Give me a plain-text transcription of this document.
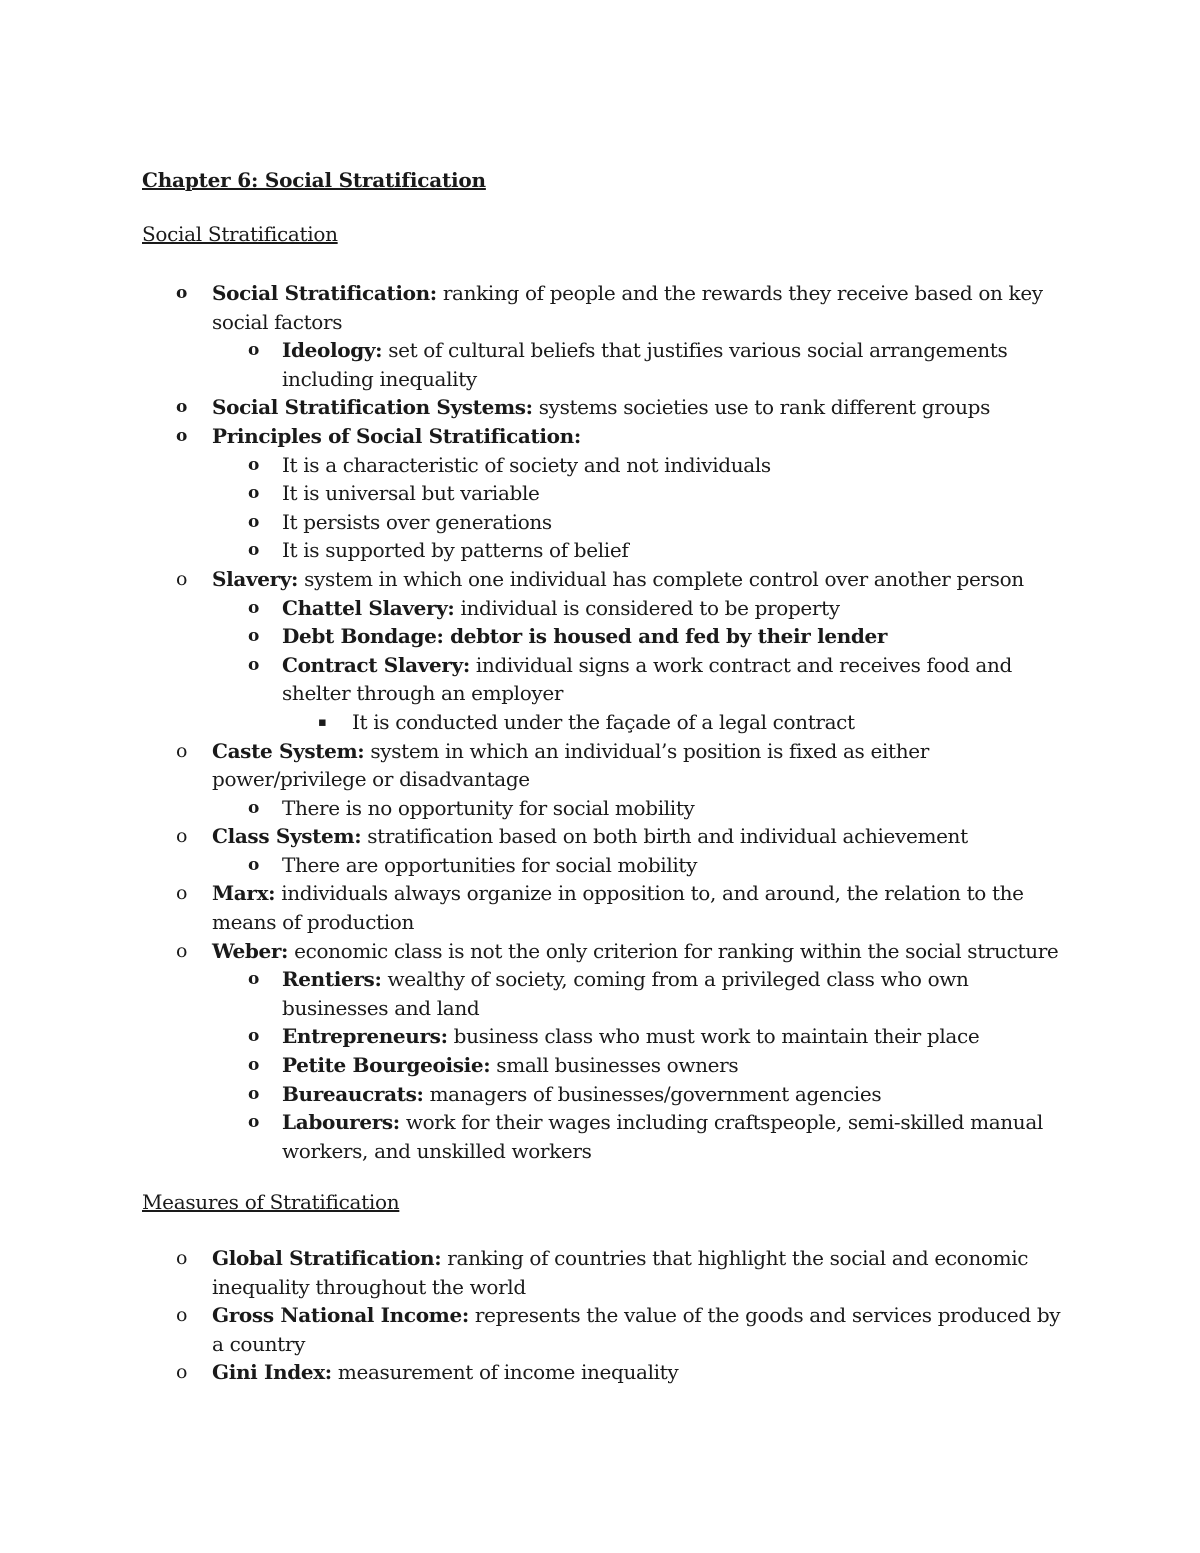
Chapter 6: Social Stratification
Social Stratification
o Social Stratification: ranking of people and the rewards they receive based on key social factors
o Ideology: set of cultural beliefs that justifies various social arrangements including inequality
o Social Stratification Systems: systems societies use to rank different groups
o Principles of Social Stratification:
o It is a characteristic of society and not individuals
o It is universal but variable
o It persists over generations
o It is supported by patterns of belief
o Slavery: system in which one individual has complete control over another person
o Chattel Slavery: individual is considered to be property
o Debt Bondage: debtor is housed and fed by their lender
o Contract Slavery: individual signs a work contract and receives food and shelter through an employer
▪ It is conducted under the façade of a legal contract
o Caste System: system in which an individual’s position is fixed as either power/privilege or disadvantage
o There is no opportunity for social mobility
o Class System: stratification based on both birth and individual achievement
o There are opportunities for social mobility
o Marx: individuals always organize in opposition to, and around, the relation to the means of production
o Weber: economic class is not the only criterion for ranking within the social structure
o Rentiers: wealthy of society, coming from a privileged class who own businesses and land
o Entrepreneurs: business class who must work to maintain their place
o Petite Bourgeoisie: small businesses owners
o Bureaucrats: managers of businesses/government agencies
o Labourers: work for their wages including craftspeople, semi-skilled manual workers, and unskilled workers
Measures of Stratification
o Global Stratification: ranking of countries that highlight the social and economic inequality throughout the world
o Gross National Income: represents the value of the goods and services produced by a country
o Gini Index: measurement of income inequality
